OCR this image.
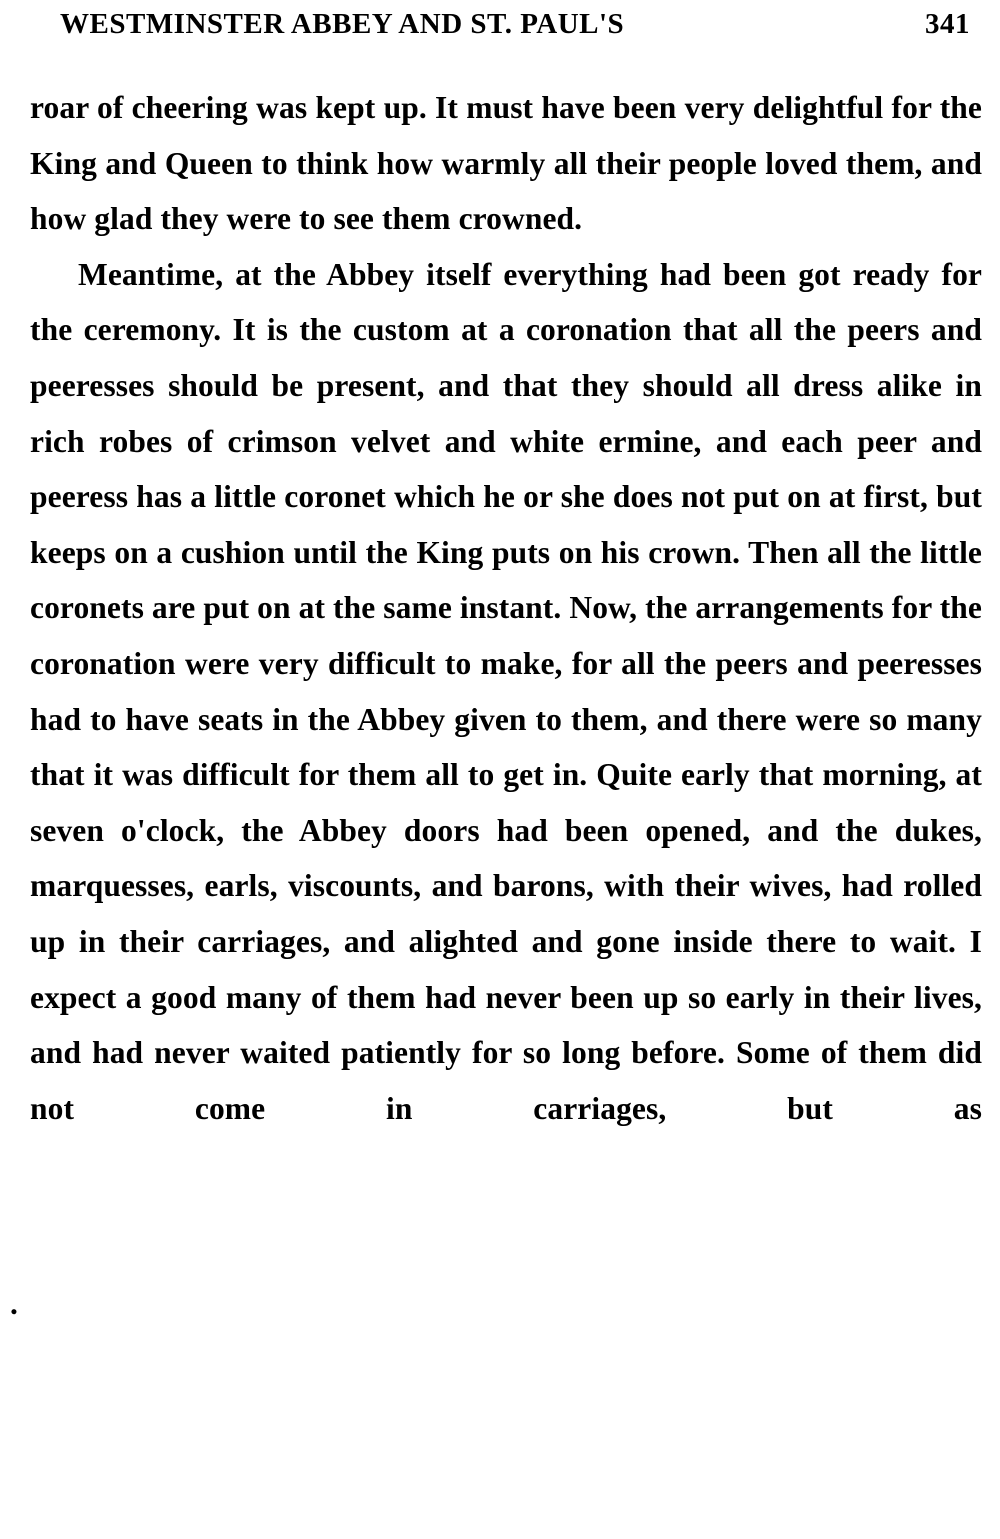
WESTMINSTER ABBEY AND ST. PAUL'S	341
.

roar of cheering was kept up. It must have been very delightful for the King and Queen to think how warmly all their people loved them, and how glad they were to see them crowned.

Meantime, at the Abbey itself everything had been got ready for the ceremony. It is the custom at a coronation that all the peers and peeresses should be present, and that they should all dress alike in rich robes of crimson velvet and white ermine, and each peer and peeress has a little coronet which he or she does not put on at first, but keeps on a cushion until the King puts on his crown. Then all the little coronets are put on at the same instant. Now, the arrangements for the coronation were very difficult to make, for all the peers and peeresses had to have seats in the Abbey given to them, and there were so many that it was difficult for them all to get in. Quite early that morning, at seven o'clock, the Abbey doors had been opened, and the dukes, marquesses, earls, viscounts, and barons, with their wives, had rolled up in their carriages, and alighted and gone inside there to wait. I expect a good many of them had never been up so early in their lives, and had never waited patiently for so long before. Some of them did not come in carriages, but as
